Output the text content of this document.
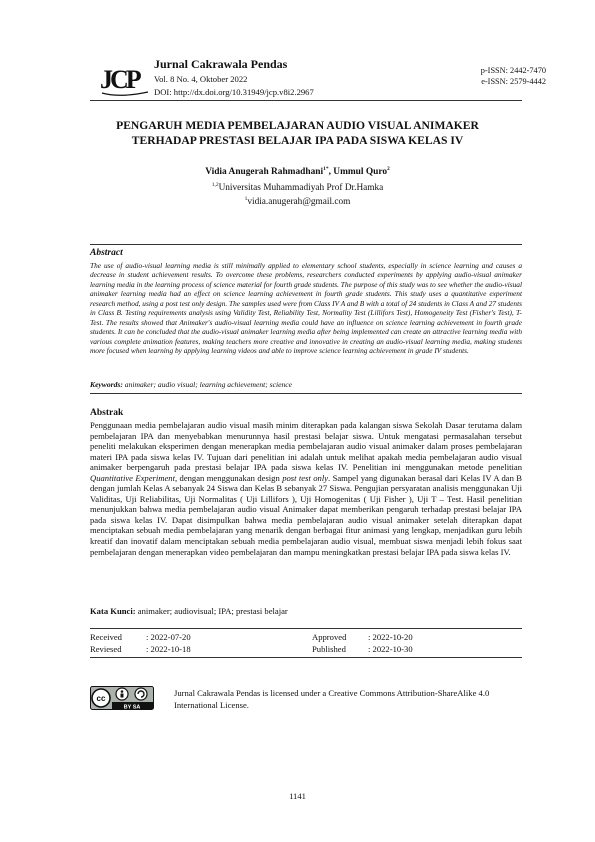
JCP
Jurnal Cakrawala Pendas
Vol. 8 No. 4, Oktober 2022
DOI: http://dx.doi.org/10.31949/jcp.v8i2.2967
p-ISSN: 2442-7470
e-ISSN: 2579-4442
PENGARUH MEDIA PEMBELAJARAN AUDIO VISUAL ANIMAKER
TERHADAP PRESTASI BELAJAR IPA PADA SISWA KELAS IV
Vidia Anugerah Rahmadhani$^{1*}$, Ummul Quro$^2$
$^{1,2}$Universitas Muhammadiyah Prof Dr.Hamka
$^1$vidia.anugerah@gmail.com
Abstract
The use of audio-visual learning media is still minimally applied to elementary school students, especially in science learning and causes a decrease in student achievement results. To overcome these problems, researchers conducted experiments by applying audio-visual animaker learning media in the learning process of science material for fourth grade students. The purpose of this study was to see whether the audio-visual animaker learning media had an effect on science learning achievement in fourth grade students. This study uses a quantitative experiment research method, using a post test only design. The samples used were from Class IV A and B with a total of 24 students in Class A and 27 students in Class B. Testing requirements analysis using Validity Test, Reliability Test, Normality Test (Lillifors Test), Homogeneity Test (Fisher's Test), T-Test. The results showed that Animaker's audio-visual learning media could have an influence on science learning achievement in fourth grade students. It can be concluded that the audio-visual animaker learning media after being implemented can create an attractive learning media with various complete animation features, making teachers more creative and innovative in creating an audio-visual learning media, making students more focused when learning by applying learning videos and able to improve science learning achievement in grade IV students.
Keywords: animaker; audio visual; learning achievement; science
Abstrak
Penggunaan media pembelajaran audio visual masih minim diterapkan pada kalangan siswa Sekolah Dasar terutama dalam pembelajaran IPA dan menyebabkan menurunnya hasil prestasi belajar siswa. Untuk mengatasi permasalahan tersebut peneliti melakukan eksperimen dengan menerapkan media pembelajaran audio visual animaker dalam proses pembelajaran materi IPA pada siswa kelas IV. Tujuan dari penelitian ini adalah untuk melihat apakah media pembelajaran audio visual animaker berpengaruh pada prestasi belajar IPA pada siswa kelas IV. Penelitian ini menggunakan metode penelitian Quantitative Experiment, dengan menggunakan design post test only. Sampel yang digunakan berasal dari Kelas IV A dan B dengan jumlah Kelas A sebanyak 24 Siswa dan Kelas B sebanyak 27 Siswa. Pengujian persyaratan analisis menggunakan Uji Validitas, Uji Reliabilitas, Uji Normalitas ( Uji Lillifors ), Uji Homogenitas ( Uji Fisher ), Uji T – Test. Hasil penelitian menunjukkan bahwa media pembelajaran audio visual Animaker dapat memberikan pengaruh terhadap prestasi belajar IPA pada siswa kelas IV. Dapat disimpulkan bahwa media pembelajaran audio visual animaker setelah diterapkan dapat menciptakan sebuah media pembelajaran yang menarik dengan berbagai fitur animasi yang lengkap, menjadikan guru lebih kreatif dan inovatif dalam menciptakan sebuah media pembelajaran audio visual, membuat siswa menjadi lebih fokus saat pembelajaran dengan menerapkan video pembelajaran dan mampu meningkatkan prestasi belajar IPA pada siswa kelas IV.
Kata Kunci: animaker; audiovisual; IPA; prestasi belajar
Received	: 2022-07-20	Approved	: 2022-10-20
Reviesed	: 2022-10-18	Published	: 2022-10-30
cc
BY SA
Jurnal Cakrawala Pendas is licensed under a Creative Commons Attribution-ShareAlike 4.0 International License.
1141
